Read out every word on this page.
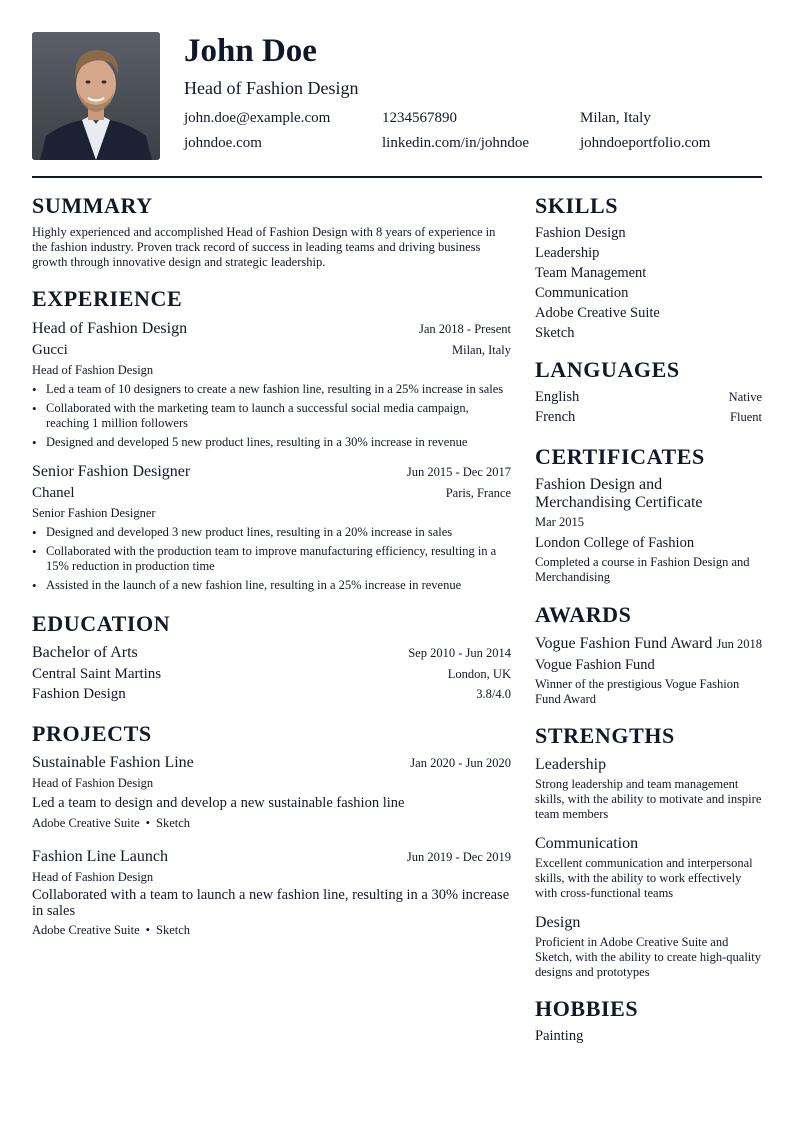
John Doe
Head of Fashion Design
john.doe@example.com	1234567890	Milan, Italy
johndoe.com	linkedin.com/in/johndoe	johndoeportfolio.com
SUMMARY
Highly experienced and accomplished Head of Fashion Design with 8 years of experience in the fashion industry. Proven track record of success in leading teams and driving business growth through innovative design and strategic leadership.
EXPERIENCE
Head of Fashion Design	Jan 2018 - Present
Gucci	Milan, Italy
Head of Fashion Design
• Led a team of 10 designers to create a new fashion line, resulting in a 25% increase in sales
• Collaborated with the marketing team to launch a successful social media campaign, reaching 1 million followers
• Designed and developed 5 new product lines, resulting in a 30% increase in revenue
Senior Fashion Designer	Jun 2015 - Dec 2017
Chanel	Paris, France
Senior Fashion Designer
• Designed and developed 3 new product lines, resulting in a 20% increase in sales
• Collaborated with the production team to improve manufacturing efficiency, resulting in a 15% reduction in production time
• Assisted in the launch of a new fashion line, resulting in a 25% increase in revenue
EDUCATION
Bachelor of Arts	Sep 2010 - Jun 2014
Central Saint Martins	London, UK
Fashion Design	3.8/4.0
PROJECTS
Sustainable Fashion Line	Jan 2020 - Jun 2020
Head of Fashion Design
Led a team to design and develop a new sustainable fashion line
Adobe Creative Suite • Sketch
Fashion Line Launch	Jun 2019 - Dec 2019
Head of Fashion Design
Collaborated with a team to launch a new fashion line, resulting in a 30% increase in sales
Adobe Creative Suite • Sketch
SKILLS
Fashion Design
Leadership
Team Management
Communication
Adobe Creative Suite
Sketch
LANGUAGES
English	Native
French	Fluent
CERTIFICATES
Fashion Design and Merchandising Certificate
Mar 2015
London College of Fashion
Completed a course in Fashion Design and Merchandising
AWARDS
Vogue Fashion Fund Award Jun 2018
Vogue Fashion Fund
Winner of the prestigious Vogue Fashion Fund Award
STRENGTHS
Leadership
Strong leadership and team management skills, with the ability to motivate and inspire team members
Communication
Excellent communication and interpersonal skills, with the ability to work effectively with cross-functional teams
Design
Proficient in Adobe Creative Suite and Sketch, with the ability to create high-quality designs and prototypes
HOBBIES
Painting
